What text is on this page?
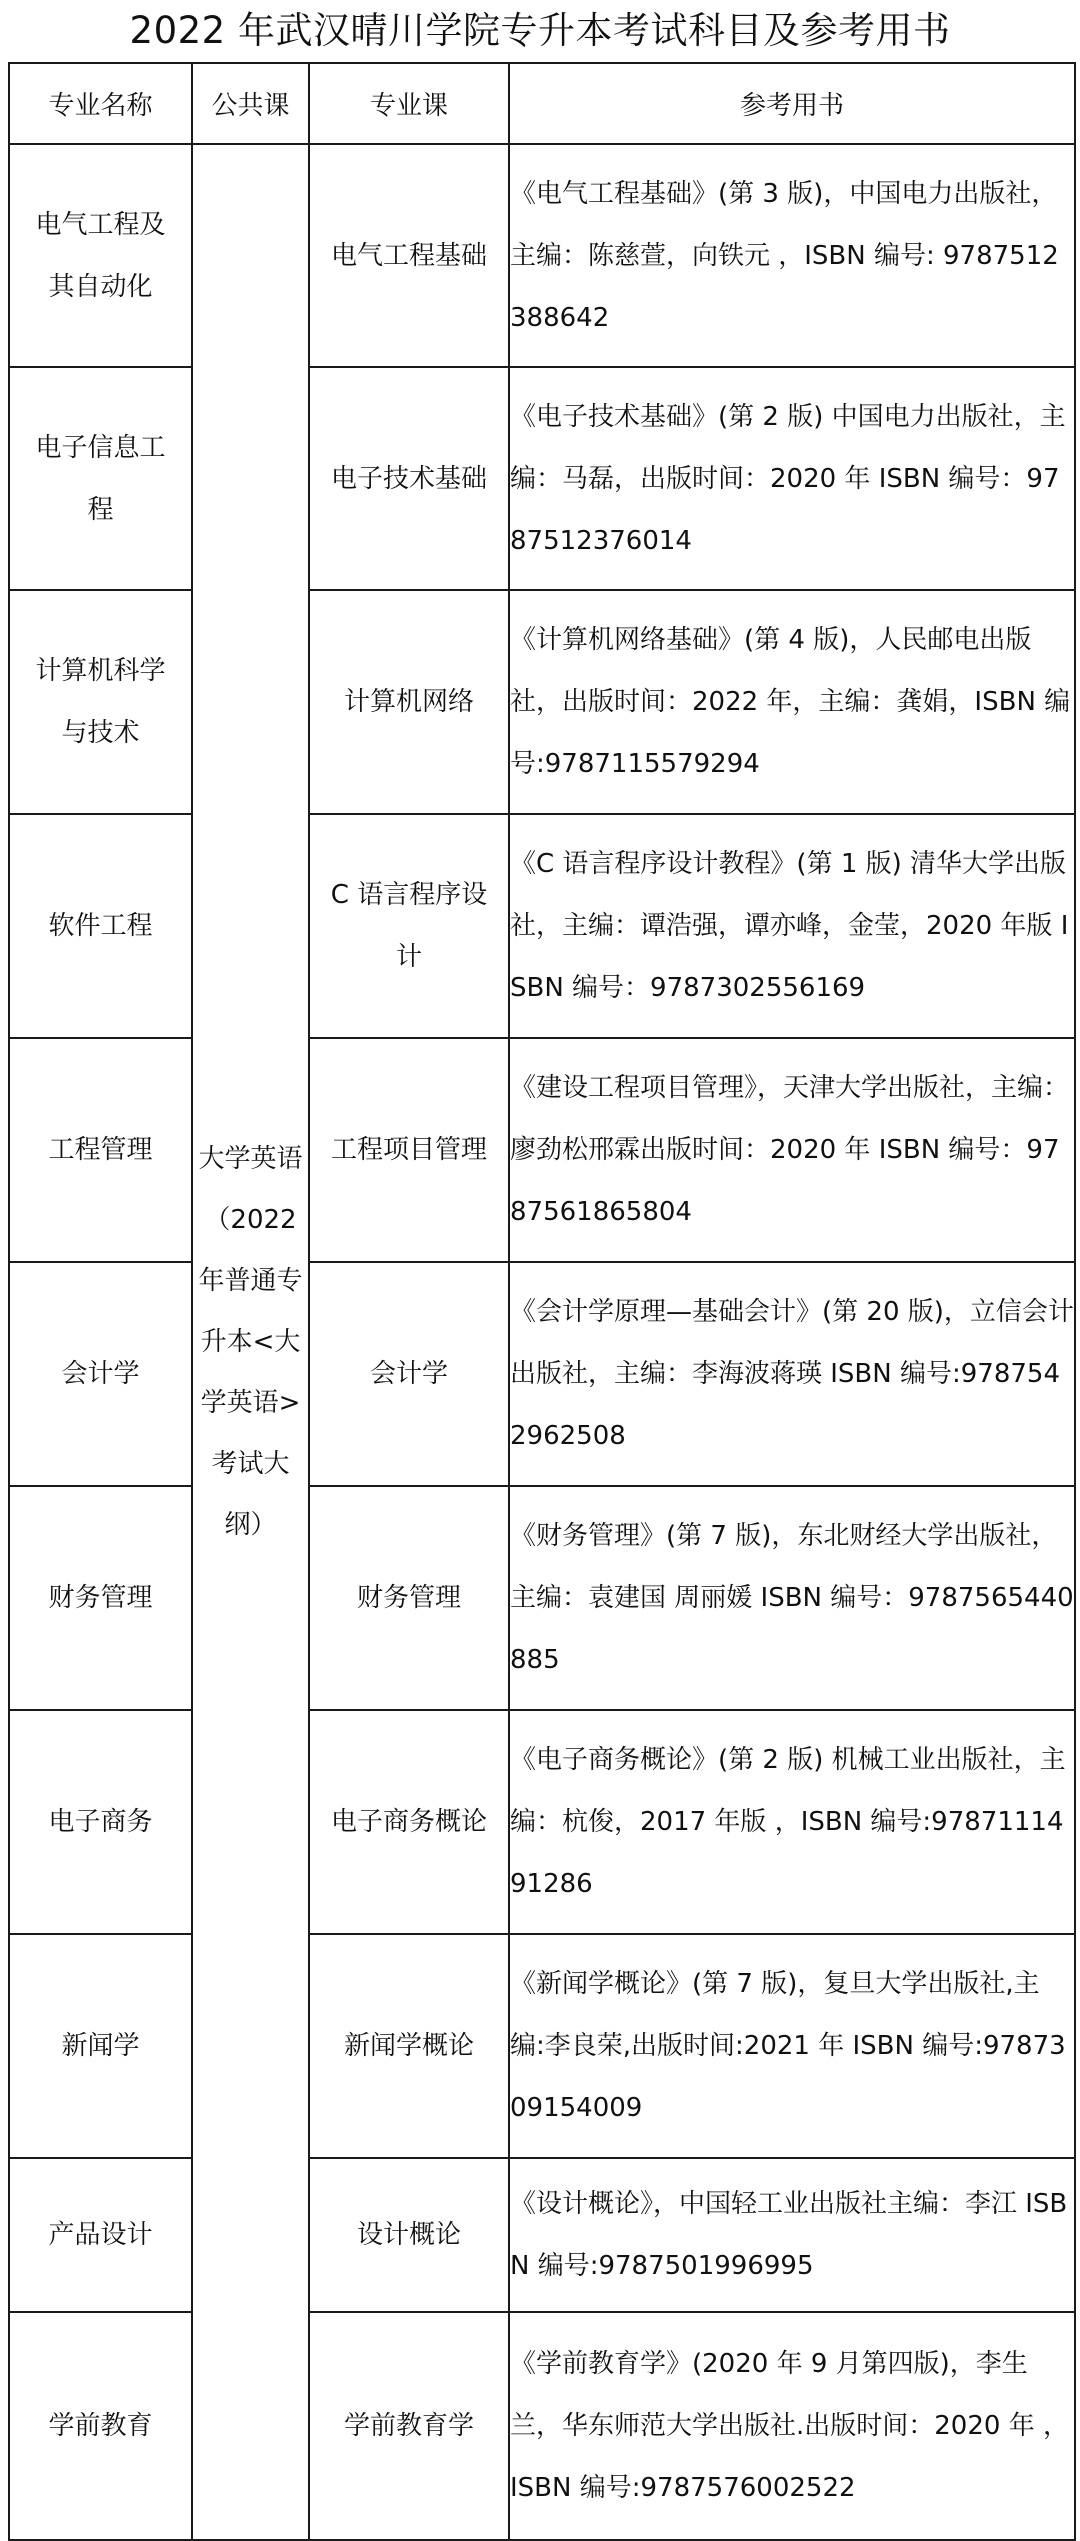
2022 年武汉晴川学院专升本考试科目及参考用书
专业名称	公共课	专业课	参考用书
电气工程及其自动化	大学英语（2022 年普通专升本<大学英语>考试大纲）	电气工程基础	《电气工程基础》(第 3 版)，中国电力出版社，主编：陈慈萱，向铁元 ，ISBN 编号: 9787512388642
电子信息工程		电子技术基础	《电子技术基础》(第 2 版) 中国电力出版社，主编：马磊，出版时间：2020 年 ISBN 编号：9787512376014
计算机科学与技术		计算机网络	《计算机网络基础》(第 4 版)，人民邮电出版社，出版时间：2022 年，主编：龚娟，ISBN 编号:9787115579294
软件工程		C 语言程序设计	《C 语言程序设计教程》(第 1 版) 清华大学出版社，主编：谭浩强，谭亦峰，金莹，2020 年版 ISBN 编号：9787302556169
工程管理		工程项目管理	《建设工程项目管理》，天津大学出版社，主编：廖劲松邢霖出版时间：2020 年 ISBN 编号：9787561865804
会计学		会计学	《会计学原理—基础会计》(第 20 版)，立信会计出版社，主编：李海波蒋瑛 ISBN 编号:9787542962508
财务管理		财务管理	《财务管理》(第 7 版)，东北财经大学出版社，主编：袁建国 周丽媛 ISBN 编号：9787565440885
电子商务		电子商务概论	《电子商务概论》(第 2 版) 机械工业出版社，主编：杭俊，2017 年版 ，ISBN 编号:9787111491286
新闻学		新闻学概论	《新闻学概论》(第 7 版)，复旦大学出版社,主编:李良荣,出版时间:2021 年 ISBN 编号:9787309154009
产品设计		设计概论	《设计概论》，中国轻工业出版社主编：李江 ISBN 编号:9787501996995
学前教育		学前教育学	《学前教育学》(2020 年 9 月第四版)，李生兰，华东师范大学出版社.出版时间：2020 年 ，ISBN 编号:9787576002522
